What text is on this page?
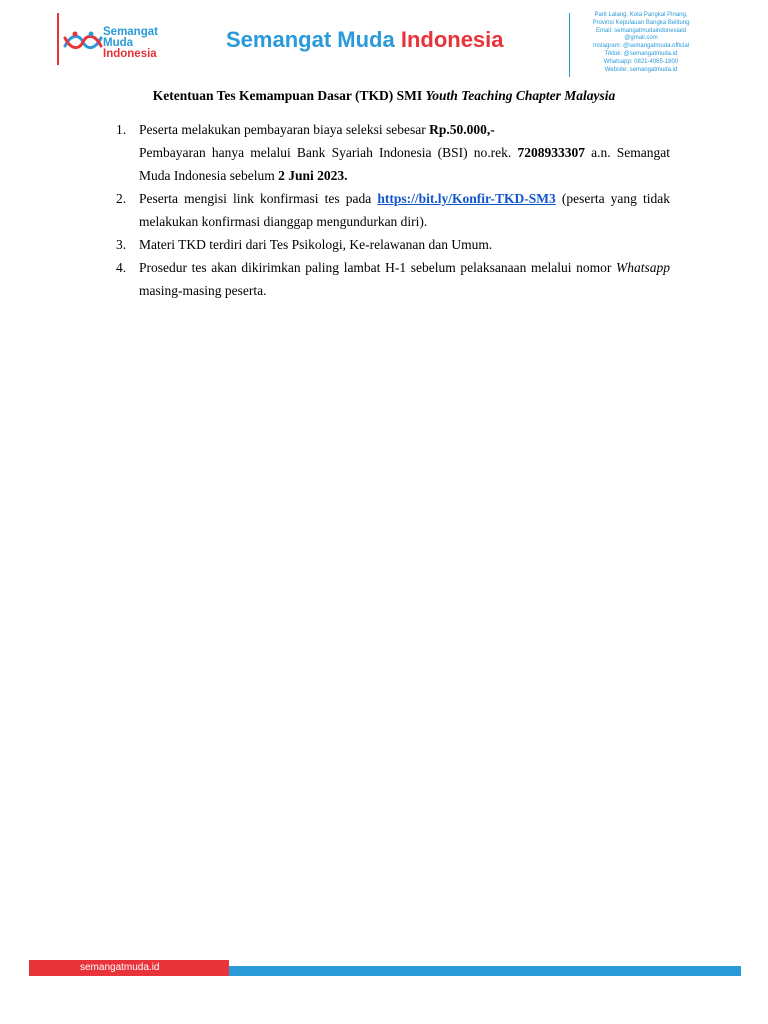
Semangat
Muda
Indonesia
Semangat Muda Indonesia
Parit Lalang, Kota Pangkal Pinang,
Provinsi Kepulauan Bangka Belitung
Email: semangatmudaindonesiaid
@gmail.com
Instagram: @semangatmuda.official
Tiktok: @semangatmuda.id
Whatsapp: 0821-4065-1800
Website: semangatmuda.id
Ketentuan Tes Kemampuan Dasar (TKD) SMI Youth Teaching Chapter Malaysia
1. Peserta melakukan pembayaran biaya seleksi sebesar Rp.50.000,-
Pembayaran hanya melalui Bank Syariah Indonesia (BSI) no.rek. 7208933307 a.n. Semangat Muda Indonesia sebelum 2 Juni 2023.
2. Peserta mengisi link konfirmasi tes pada https://bit.ly/Konfir-TKD-SM3 (peserta yang tidak melakukan konfirmasi dianggap mengundurkan diri).
3. Materi TKD terdiri dari Tes Psikologi, Ke-relawanan dan Umum.
4. Prosedur tes akan dikirimkan paling lambat H-1 sebelum pelaksanaan melalui nomor Whatsapp masing-masing peserta.
semangatmuda.id
